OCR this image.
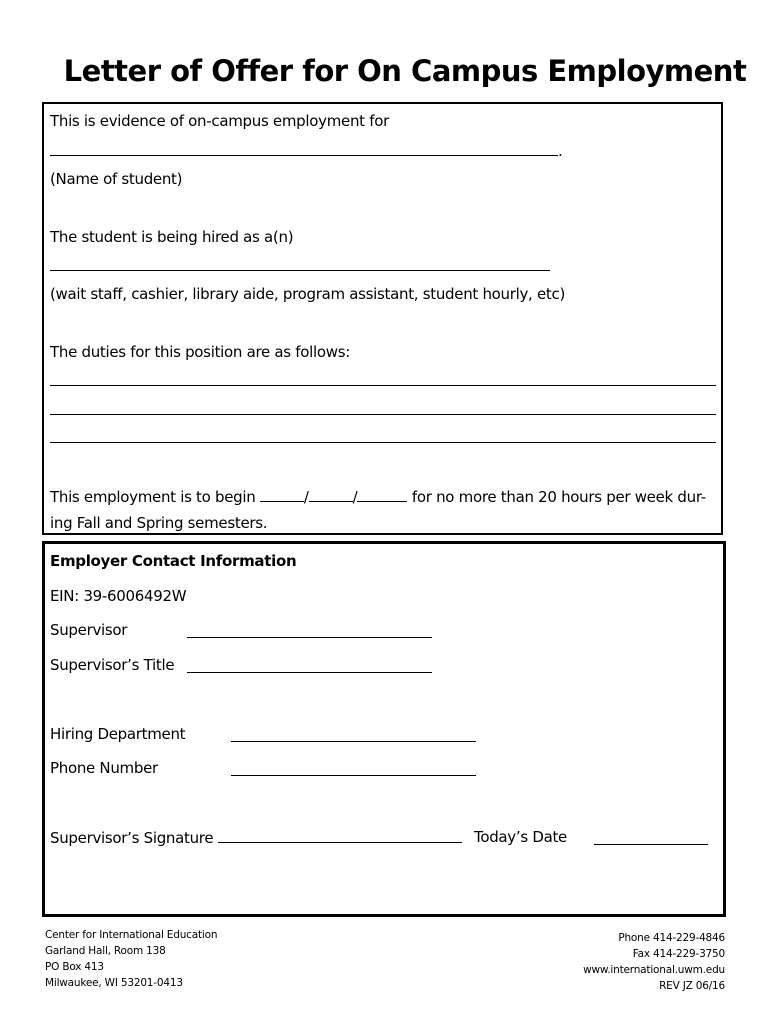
Letter of Offer for On Campus Employment
This is evidence of on-campus employment for
.
(Name of student)
The student is being hired as a(n)
(wait staff, cashier, library aide, program assistant, student hourly, etc)
The duties for this position are as follows:
This employment is to begin	/	/	for no more than 20 hours per week dur-
ing Fall and Spring semesters.
Employer Contact Information
EIN: 39-6006492W
Supervisor
Supervisor’s Title
Hiring Department
Phone Number
Supervisor’s Signature	Today’s Date
Center for International Education
Garland Hall, Room 138
PO Box 413
Milwaukee, WI 53201-0413
Phone 414-229-4846
Fax 414-229-3750
www.international.uwm.edu
REV JZ 06/16
